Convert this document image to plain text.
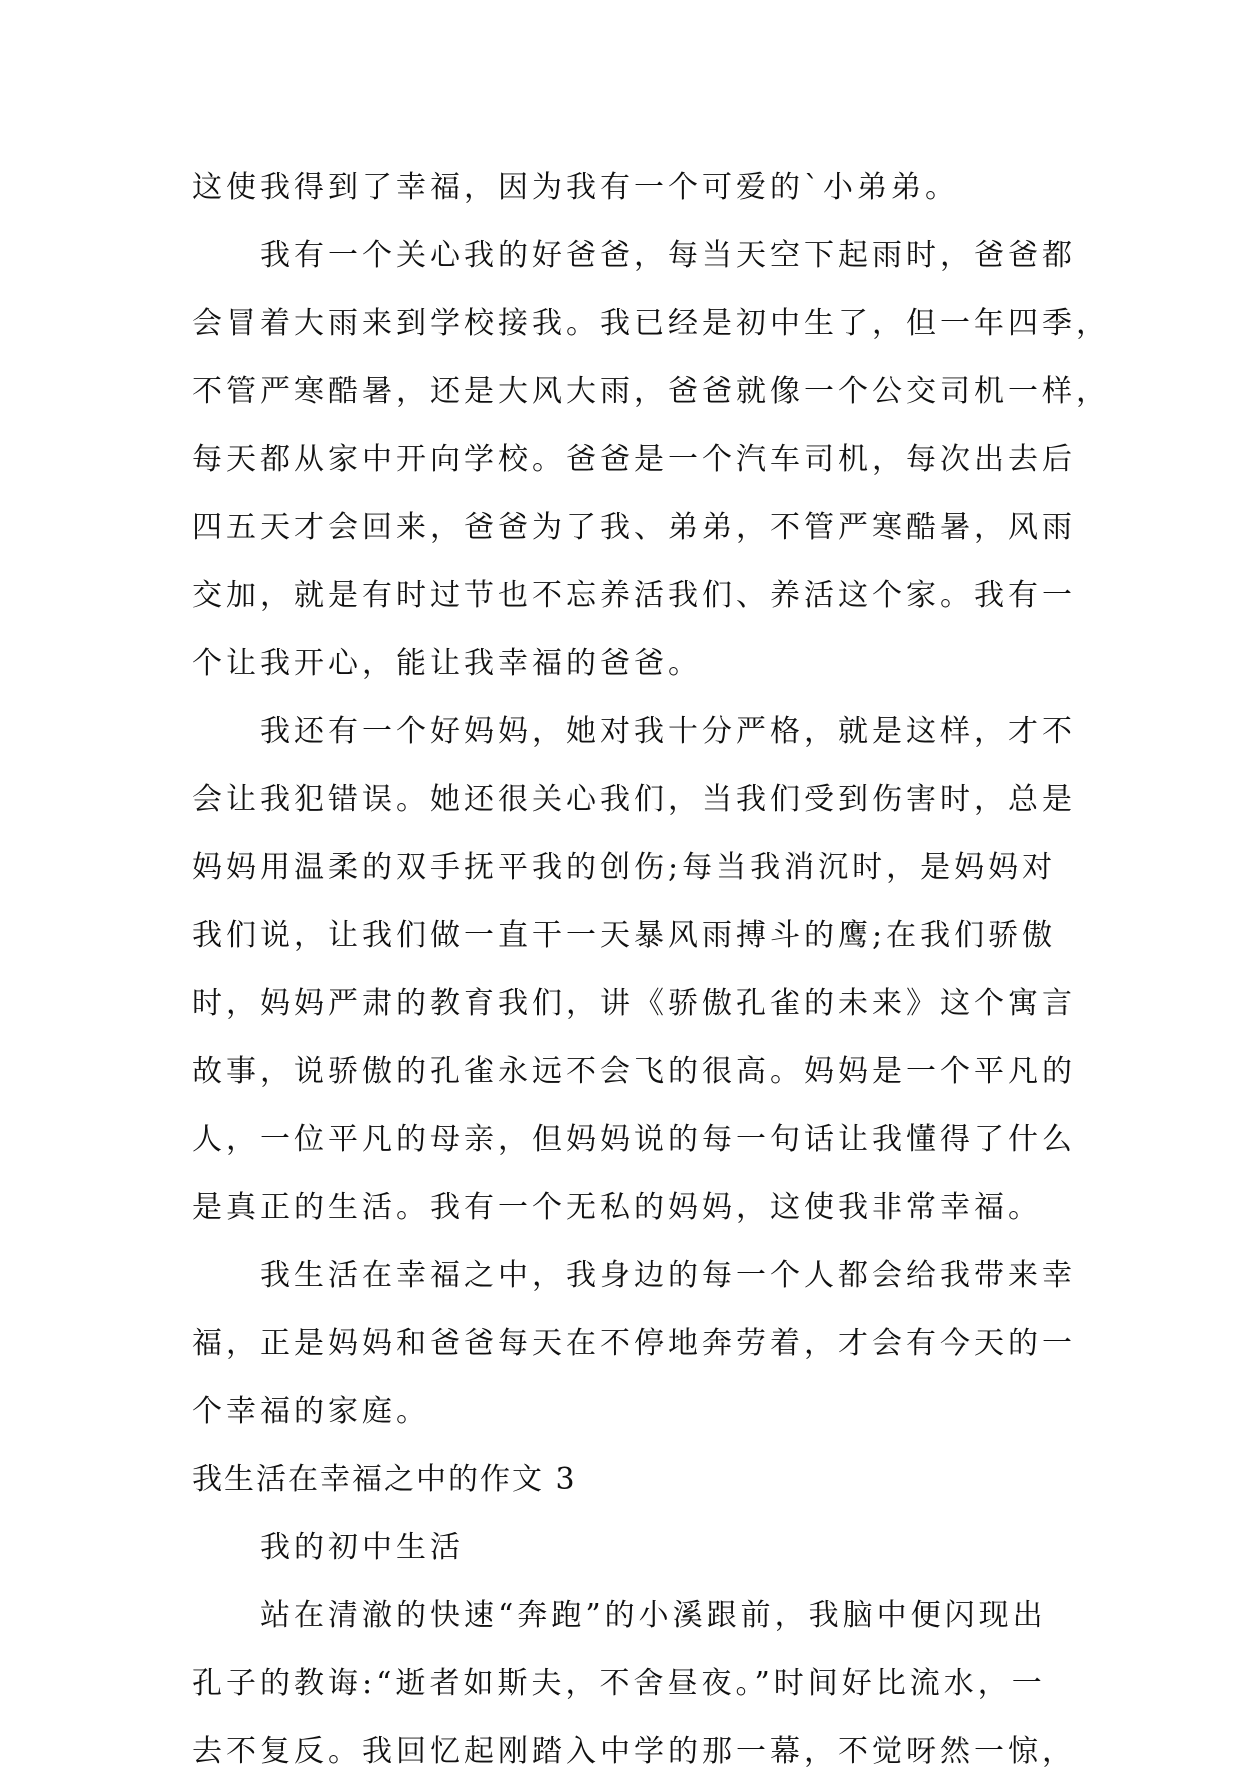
这使我得到了幸福，因为我有一个可爱的`小弟弟。
我有一个关心我的好爸爸，每当天空下起雨时，爸爸都
会冒着大雨来到学校接我。我已经是初中生了，但一年四季，
不管严寒酷暑，还是大风大雨，爸爸就像一个公交司机一样，
每天都从家中开向学校。爸爸是一个汽车司机，每次出去后
四五天才会回来，爸爸为了我、弟弟，不管严寒酷暑，风雨
交加，就是有时过节也不忘养活我们、养活这个家。我有一
个让我开心，能让我幸福的爸爸。
我还有一个好妈妈，她对我十分严格，就是这样，才不
会让我犯错误。她还很关心我们，当我们受到伤害时，总是
妈妈用温柔的双手抚平我的创伤;每当我消沉时，是妈妈对
我们说，让我们做一直干一天暴风雨搏斗的鹰;在我们骄傲
时，妈妈严肃的教育我们，讲《骄傲孔雀的未来》这个寓言
故事，说骄傲的孔雀永远不会飞的很高。妈妈是一个平凡的
人，一位平凡的母亲，但妈妈说的每一句话让我懂得了什么
是真正的生活。我有一个无私的妈妈，这使我非常幸福。
我生活在幸福之中，我身边的每一个人都会给我带来幸
福，正是妈妈和爸爸每天在不停地奔劳着，才会有今天的一
个幸福的家庭。
我生活在幸福之中的作文 3
我的初中生活
站在清澈的快速“奔跑”的小溪跟前，我脑中便闪现出
孔子的教诲:“逝者如斯夫，不舍昼夜。”时间好比流水，一
去不复反。我回忆起刚踏入中学的那一幕，不觉呀然一惊，
